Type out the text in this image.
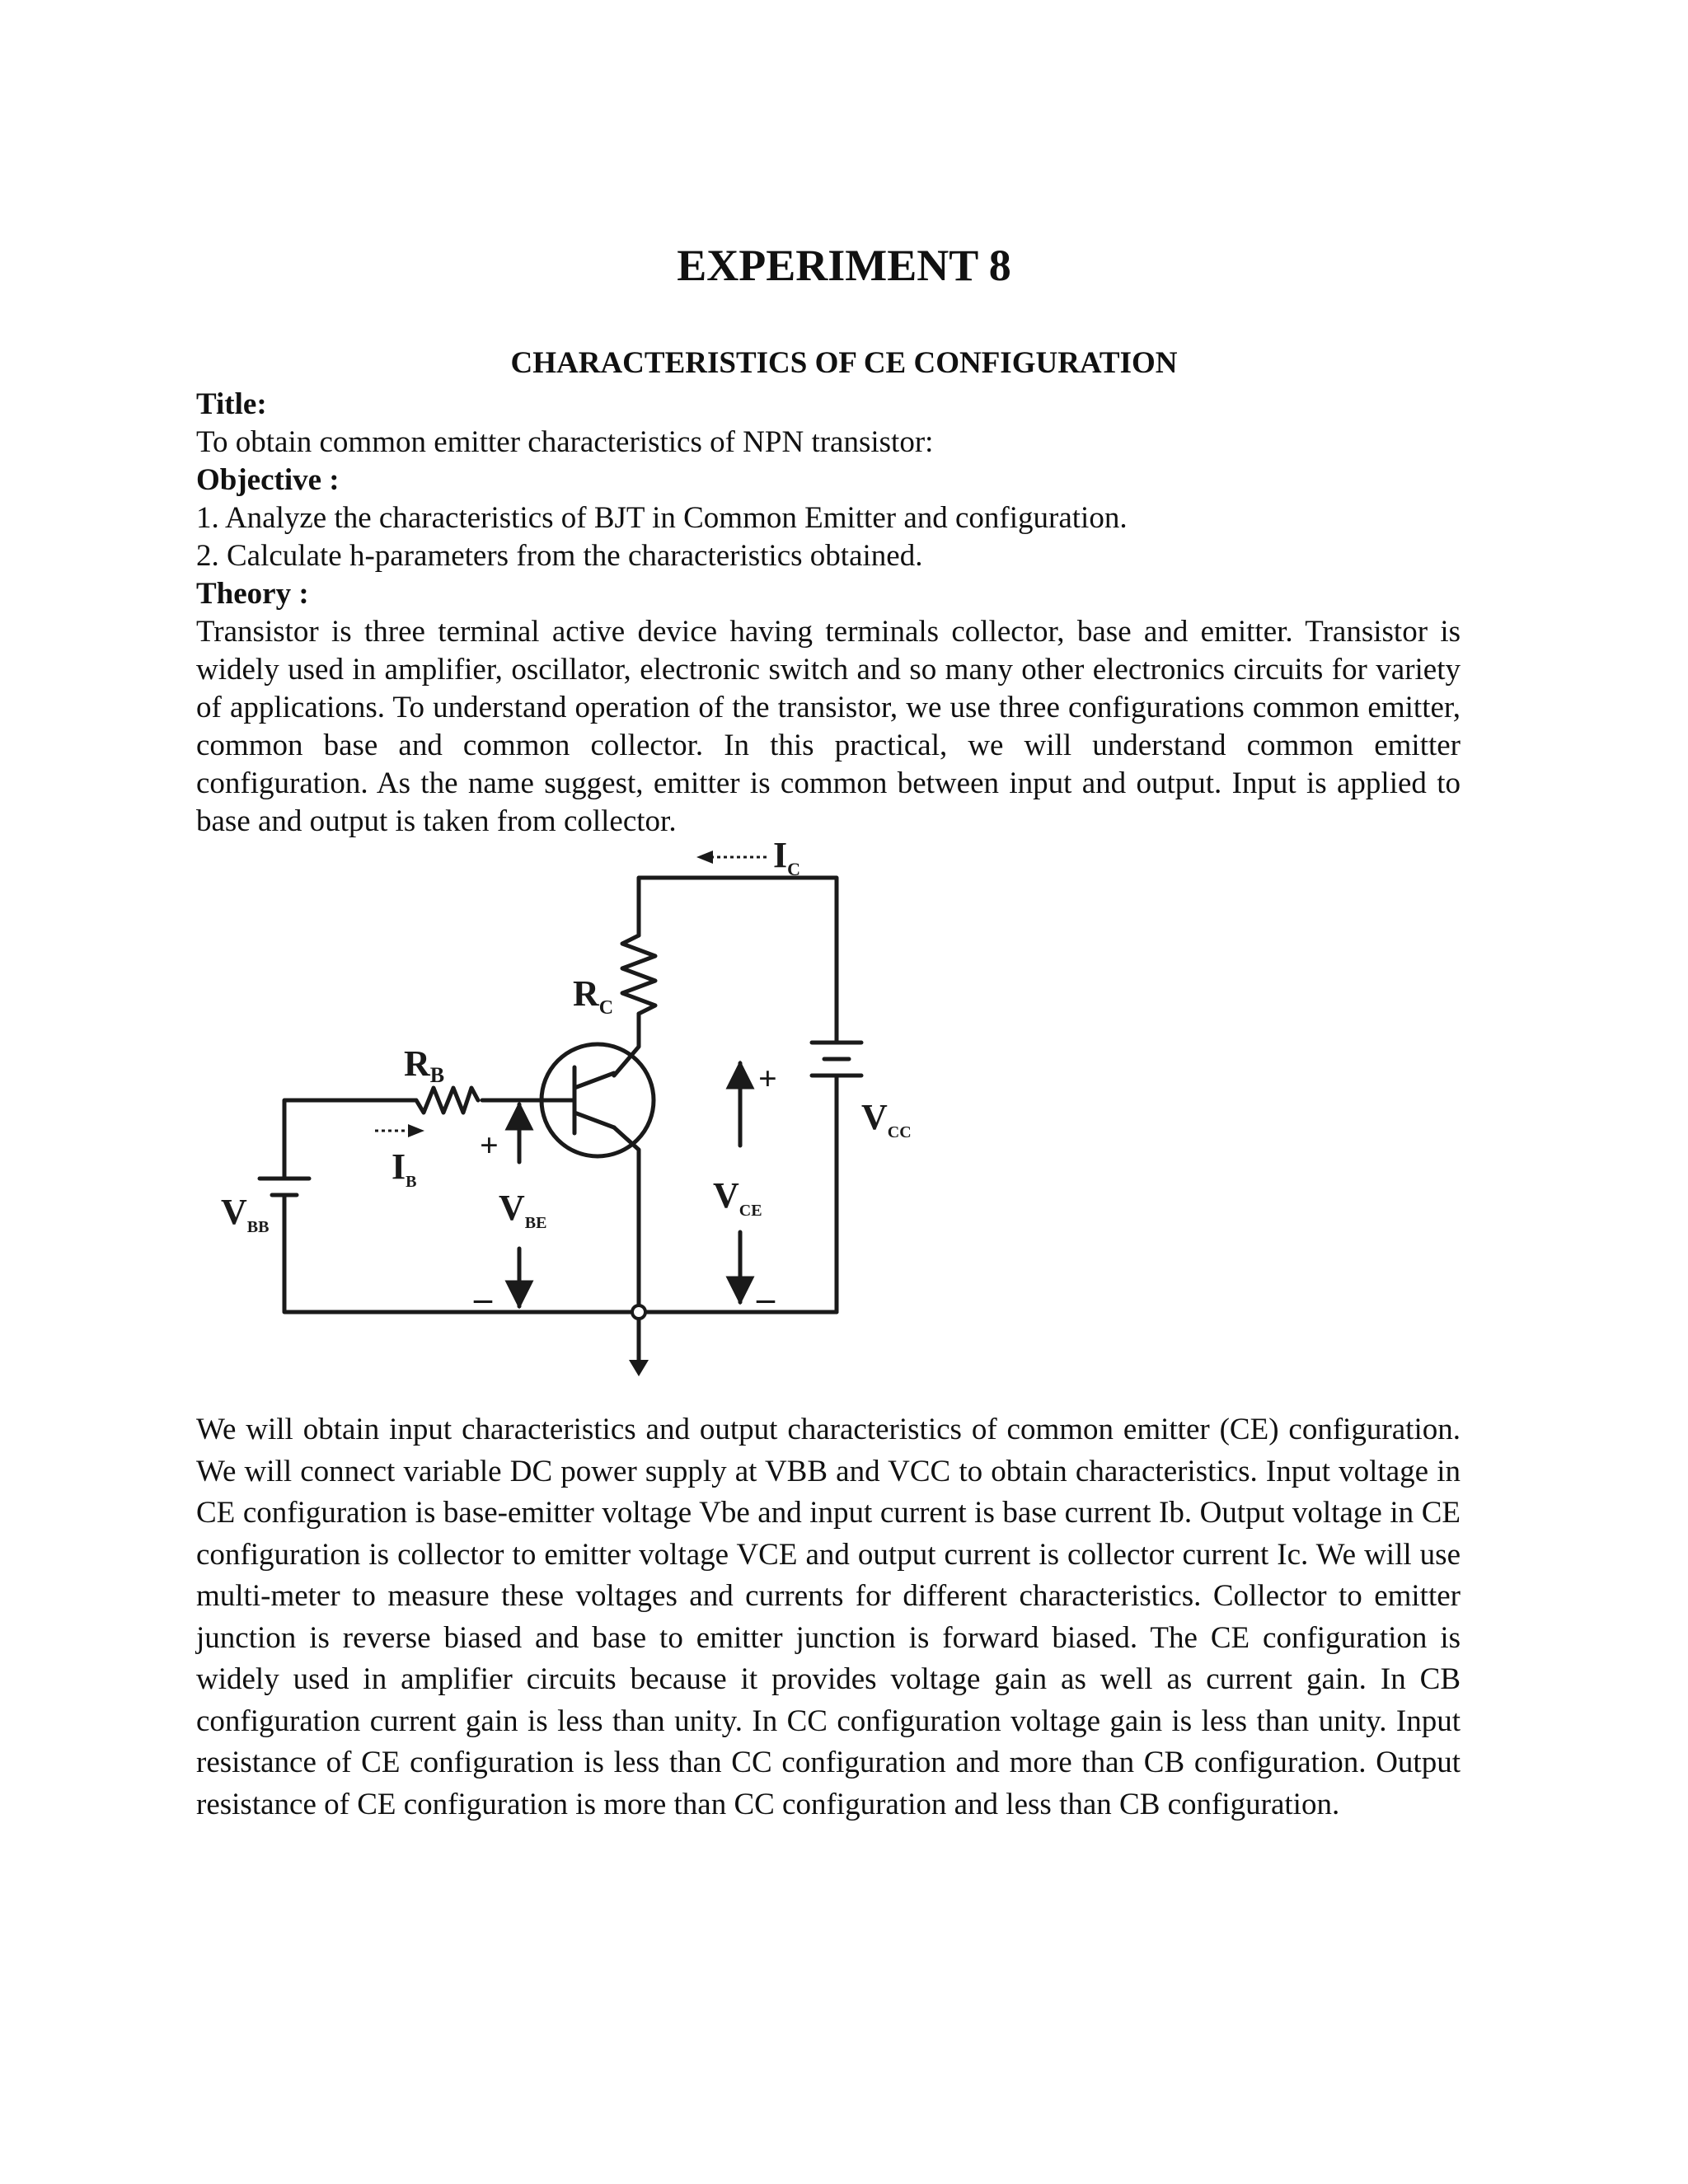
EXPERIMENT 8
CHARACTERISTICS OF CE CONFIGURATION
Title:
To obtain common emitter characteristics of NPN transistor:
Objective :
1. Analyze the characteristics of BJT in Common Emitter and configuration.
2. Calculate h-parameters from the characteristics obtained.
Theory :

Transistor is three terminal active device having terminals collector, base and emitter. Transistor is widely used in amplifier, oscillator, electronic switch and so many other electronics circuits for variety of applications. To understand operation of the transistor, we use three configurations common emitter, common base and common collector. In this practical, we will understand common emitter configuration. As the name suggest, emitter is common between input and output. Input is applied to base and output is taken from collector.

$R_C$
RB
$I_C$
$I_B$
$V_{BB}$	$V_{BE}$
$V_{CE}$
$V_{CC}$
+
–
+
–

We will obtain input characteristics and output characteristics of common emitter (CE) configuration. We will connect variable DC power supply at VBB and VCC to obtain characteristics. Input voltage in CE configuration is base-emitter voltage Vbe and input current is base current Ib. Output voltage in CE configuration is collector to emitter voltage VCE and output current is collector current Ic. We will use multi-meter to measure these voltages and currents for different characteristics. Collector to emitter junction is reverse biased and base to emitter junction is forward biased. The CE configuration is widely used in amplifier circuits because it provides voltage gain as well as current gain. In CB configuration current gain is less than unity. In CC configuration voltage gain is less than unity. Input resistance of CE configuration is less than CC configuration and more than CB configuration. Output resistance of CE configuration is more than CC configuration and less than CB configuration.
